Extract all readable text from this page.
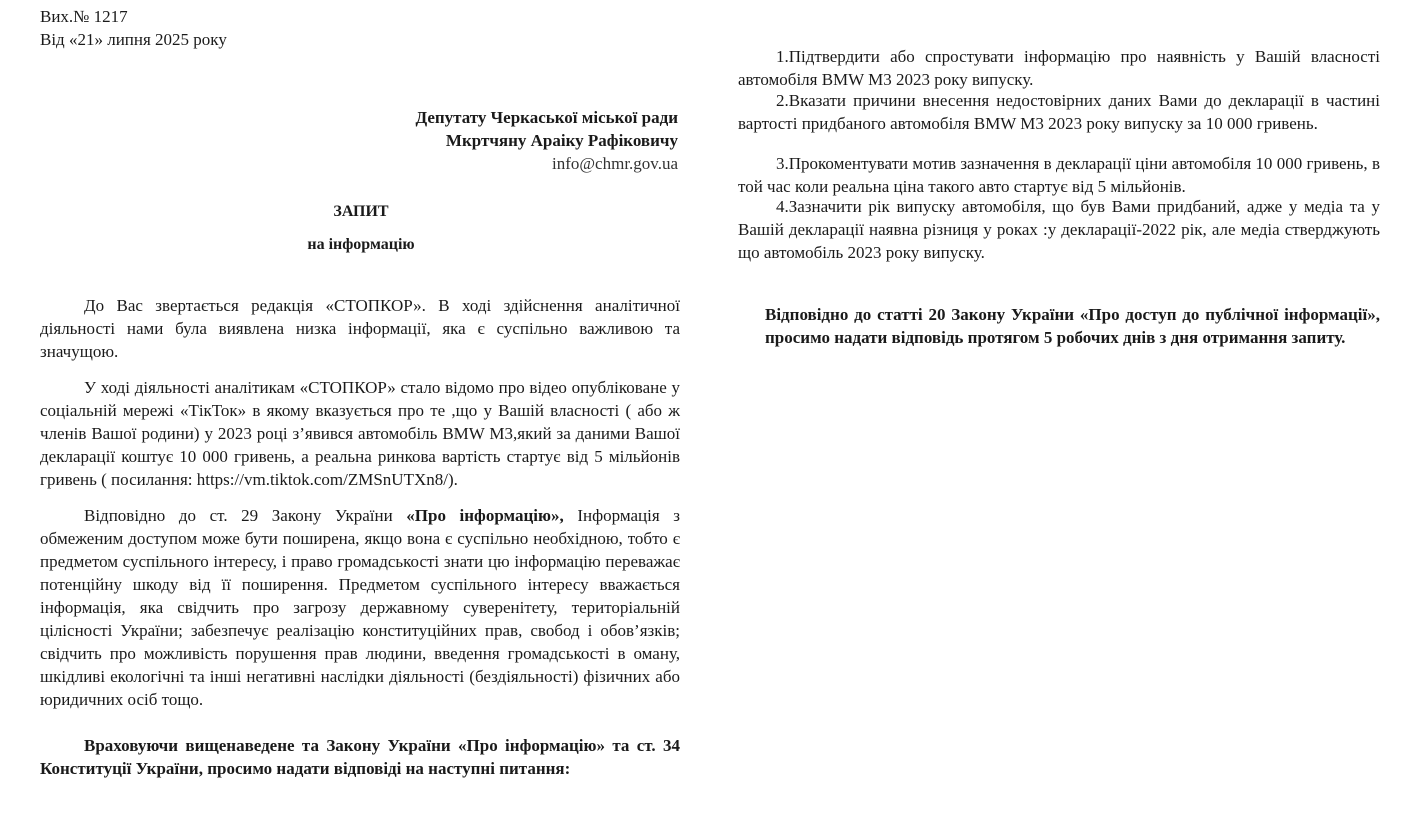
Вих.№ 1217
Від «21» липня 2025 року
Депутату Черкаської міської ради
Мкртчяну Араіку Рафіковичу
info@chmr.gov.ua
ЗАПИТ
на інформацію
До Вас звертається редакція «СТОПКОР». В ході здійснення аналітичної діяльності нами була виявлена низка інформації, яка є суспільно важливою та значущою.
У ході діяльності аналітикам «СТОПКОР» стало відомо про відео опубліковане у соціальній мережі «ТікТок» в якому вказується про те ,що у Вашій власності ( або ж членів Вашої родини) у 2023 році з’явився автомобіль BMW M3,який за даними Вашої декларації коштує 10 000 гривень, а реальна ринкова вартість стартує від 5 мільйонів гривень ( посилання: https://vm.tiktok.com/ZMSnUTXn8/).
Відповідно до ст. 29 Закону України «Про інформацію», Інформація з обмеженим доступом може бути поширена, якщо вона є суспільно необхідною, тобто є предметом суспільного інтересу, і право громадськості знати цю інформацію переважає потенційну шкоду від її поширення. Предметом суспільного інтересу вважається інформація, яка свідчить про загрозу державному суверенітету, територіальній цілісності України; забезпечує реалізацію конституційних прав, свобод і обов’язків; свідчить про можливість порушення прав людини, введення громадськості в оману, шкідливі екологічні та інші негативні наслідки діяльності (бездіяльності) фізичних або юридичних осіб тощо.
Враховуючи вищенаведене та Закону України «Про інформацію» та ст. 34 Конституції України, просимо надати відповіді на наступні питання:
1.Підтвердити або спростувати інформацію про наявність у Вашій власності автомобіля BMW M3 2023 року випуску.
2.Вказати причини внесення недостовірних даних Вами до декларації в частині вартості придбаного автомобіля BMW M3 2023 року випуску за 10 000 гривень.
3.Прокоментувати мотив зазначення в декларації ціни автомобіля 10 000 гривень, в той час коли реальна ціна такого авто стартує від 5 мільйонів.
4.Зазначити рік випуску автомобіля, що був Вами придбаний, адже у медіа та у Вашій декларації наявна різниця у роках :у декларації-2022 рік, але медіа стверджують що автомобіль 2023 року випуску.
Відповідно до статті 20 Закону України «Про доступ до публічної інформації», просимо надати відповідь протягом 5 робочих днів з дня отримання запиту.
